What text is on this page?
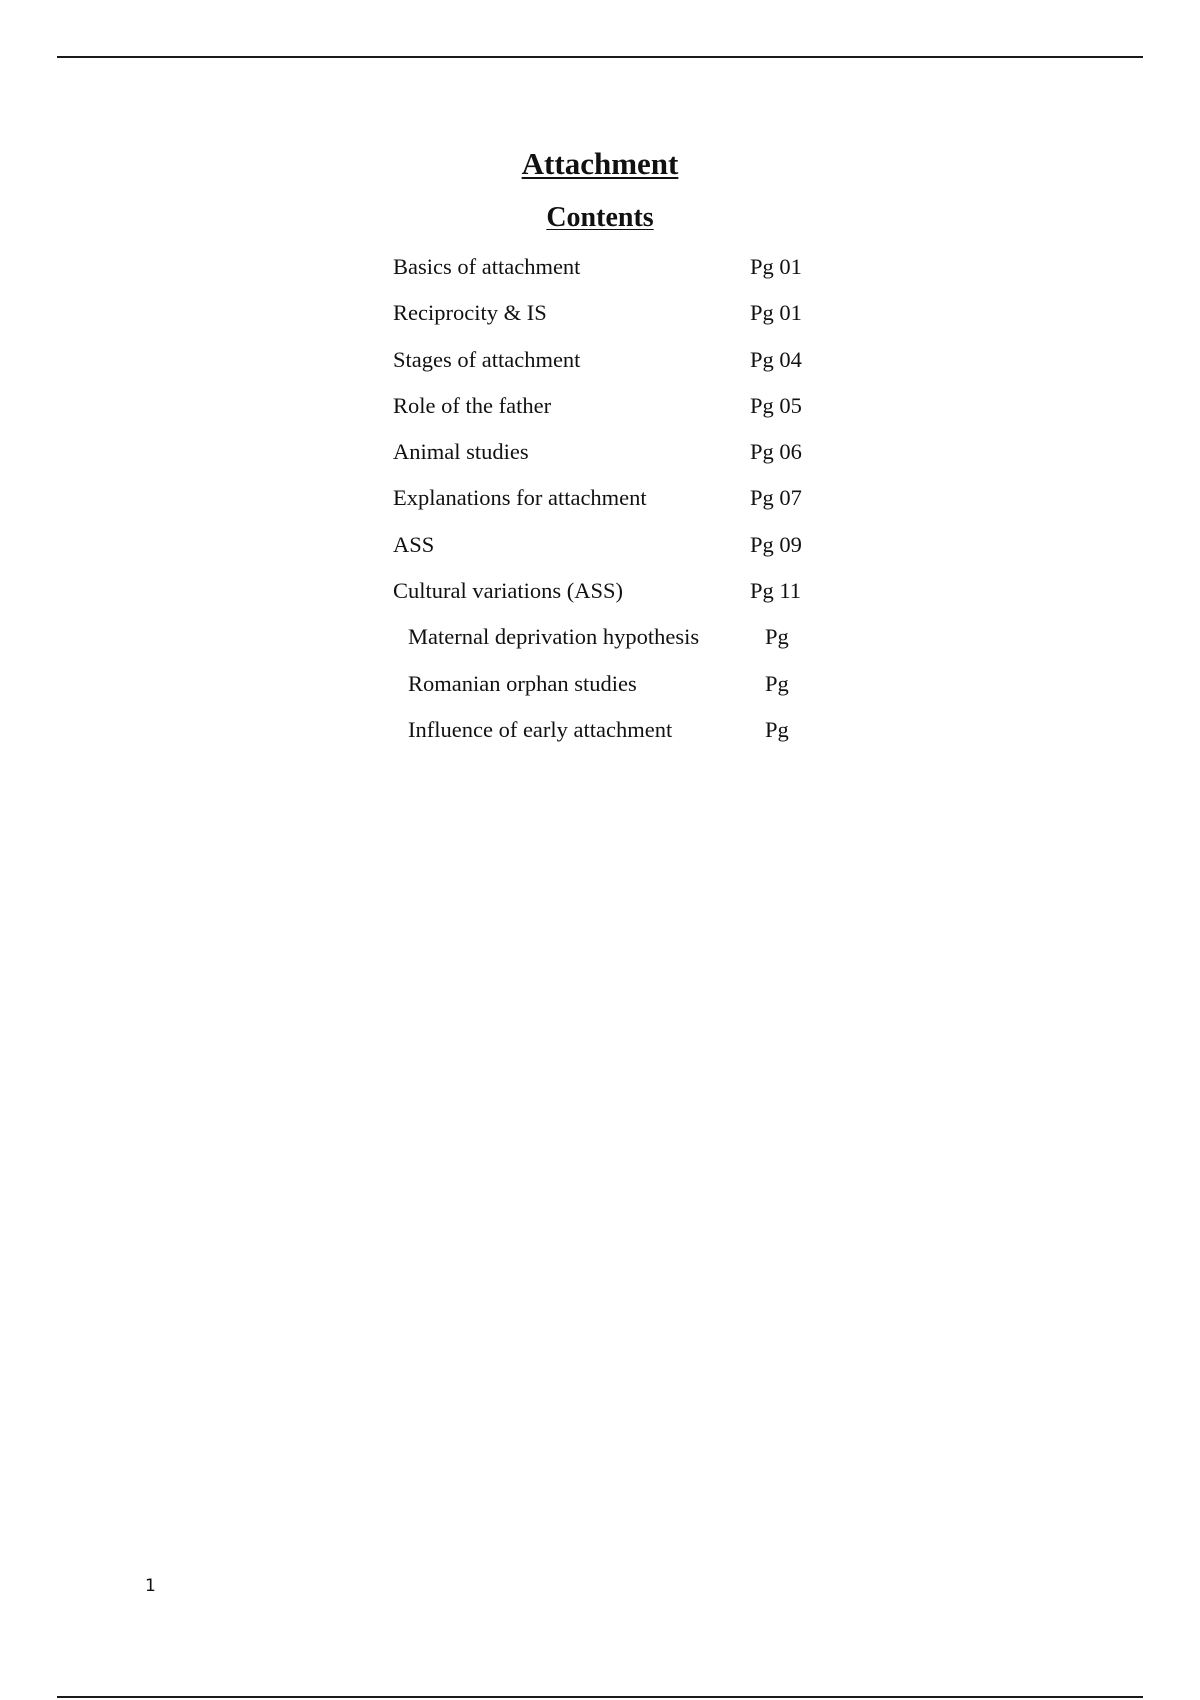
Attachment
Contents
Basics of attachment	Pg 01
Reciprocity & IS	Pg 01
Stages of attachment	Pg 04
Role of the father	Pg 05
Animal studies	Pg 06
Explanations for attachment	Pg 07
ASS	Pg 09
Cultural variations (ASS)	Pg 11
Maternal deprivation hypothesis	Pg
Romanian orphan studies	Pg
Influence of early attachment	Pg
1
